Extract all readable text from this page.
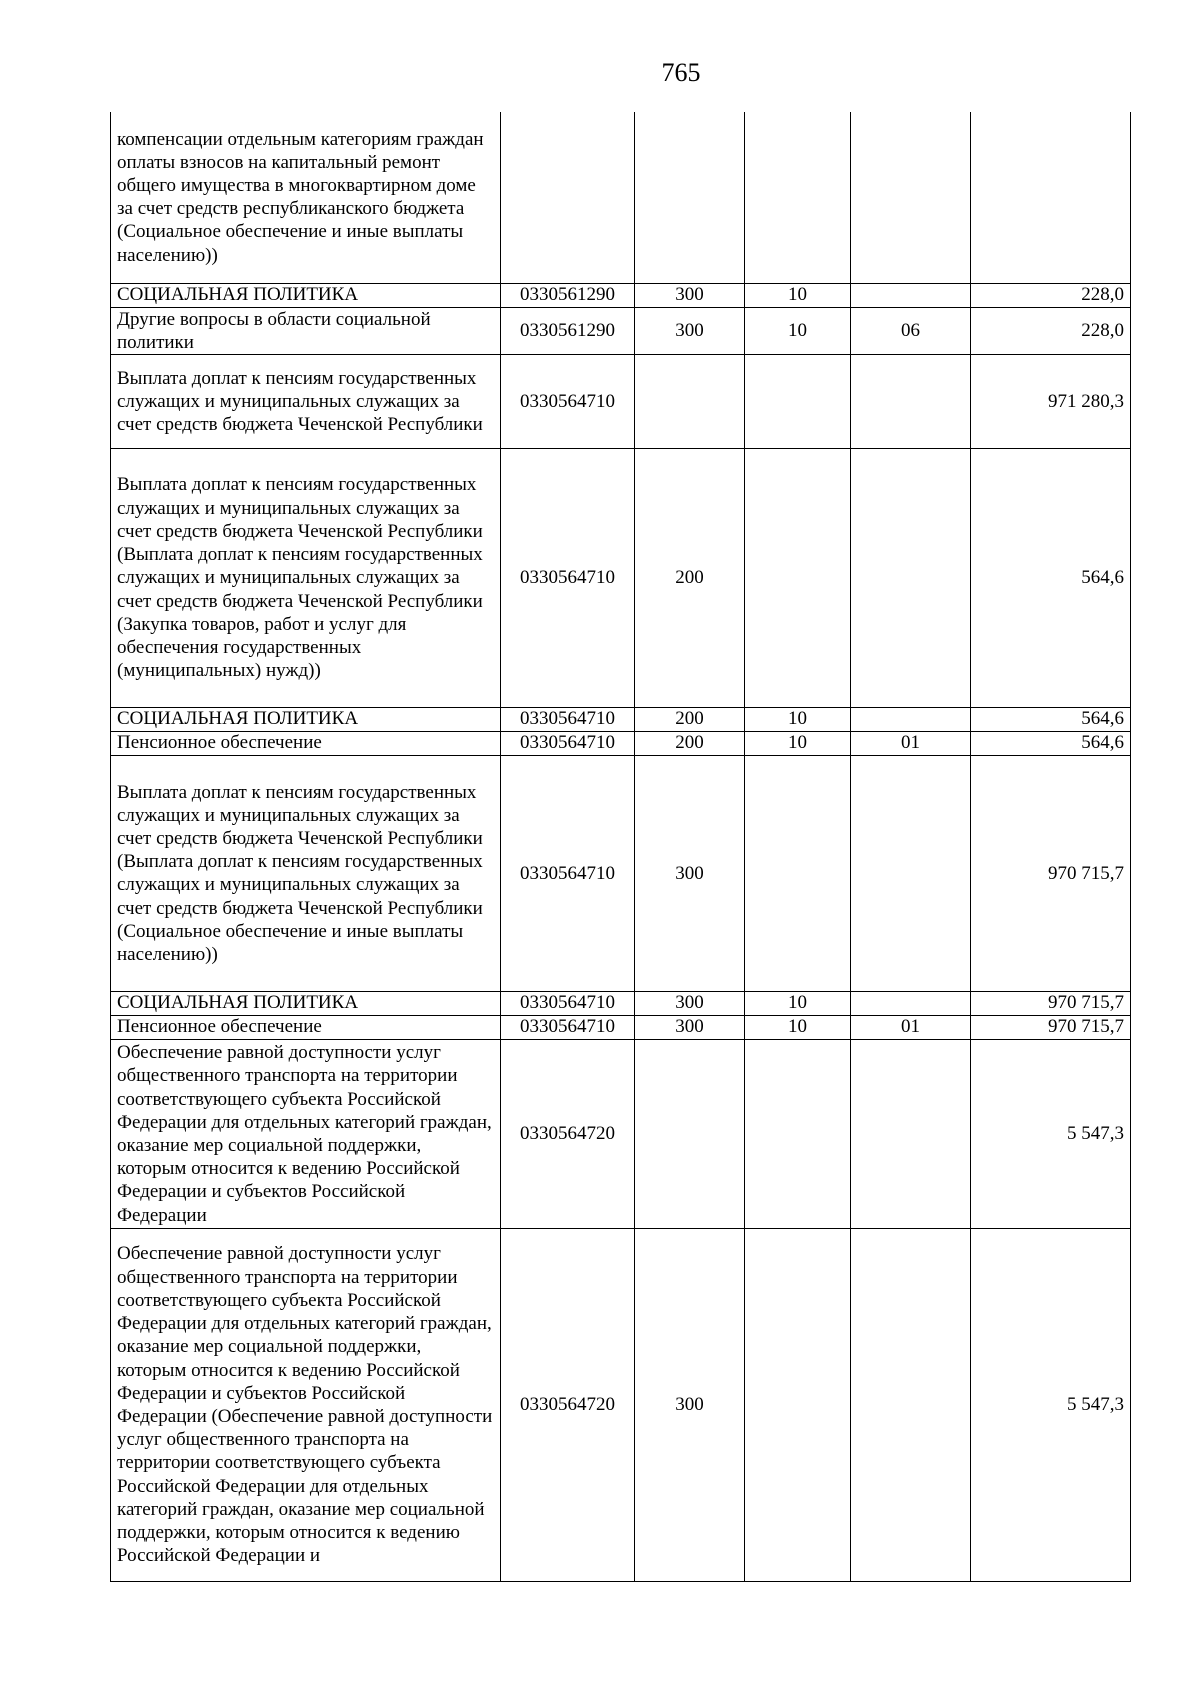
765
компенсации отдельным категориям граждан оплаты взносов на капитальный ремонт общего имущества в многоквартирном доме за счет средств республиканского бюджета (Социальное обеспечение и иные выплаты населению))					
СОЦИАЛЬНАЯ ПОЛИТИКА	0330561290	300	10		228,0
Другие вопросы в области социальной политики	0330561290	300	10	06	228,0
Выплата доплат к пенсиям государственных служащих и муниципальных служащих за счет средств бюджета Чеченской Республики	0330564710				971 280,3
Выплата доплат к пенсиям государственных служащих и муниципальных служащих за счет средств бюджета Чеченской Республики (Выплата доплат к пенсиям государственных служащих и муниципальных служащих за счет средств бюджета Чеченской Республики (Закупка товаров, работ и услуг для обеспечения государственных (муниципальных) нужд))	0330564710	200			564,6
СОЦИАЛЬНАЯ ПОЛИТИКА	0330564710	200	10		564,6
Пенсионное обеспечение	0330564710	200	10	01	564,6
Выплата доплат к пенсиям государственных служащих и муниципальных служащих за счет средств бюджета Чеченской Республики (Выплата доплат к пенсиям государственных служащих и муниципальных служащих за счет средств бюджета Чеченской Республики (Социальное обеспечение и иные выплаты населению))	0330564710	300			970 715,7
СОЦИАЛЬНАЯ ПОЛИТИКА	0330564710	300	10		970 715,7
Пенсионное обеспечение	0330564710	300	10	01	970 715,7
Обеспечение равной доступности услуг общественного транспорта на территории соответствующего субъекта Российской Федерации для отдельных категорий граждан, оказание мер социальной поддержки, которым относится к ведению Российской Федерации и субъектов Российской Федерации	0330564720				5 547,3
Обеспечение равной доступности услуг общественного транспорта на территории соответствующего субъекта Российской Федерации для отдельных категорий граждан, оказание мер социальной поддержки, которым относится к ведению Российской Федерации и субъектов Российской Федерации (Обеспечение равной доступности услуг общественного транспорта на территории соответствующего субъекта Российской Федерации для отдельных категорий граждан, оказание мер социальной поддержки, которым относится к ведению Российской Федерации и	0330564720	300			5 547,3
